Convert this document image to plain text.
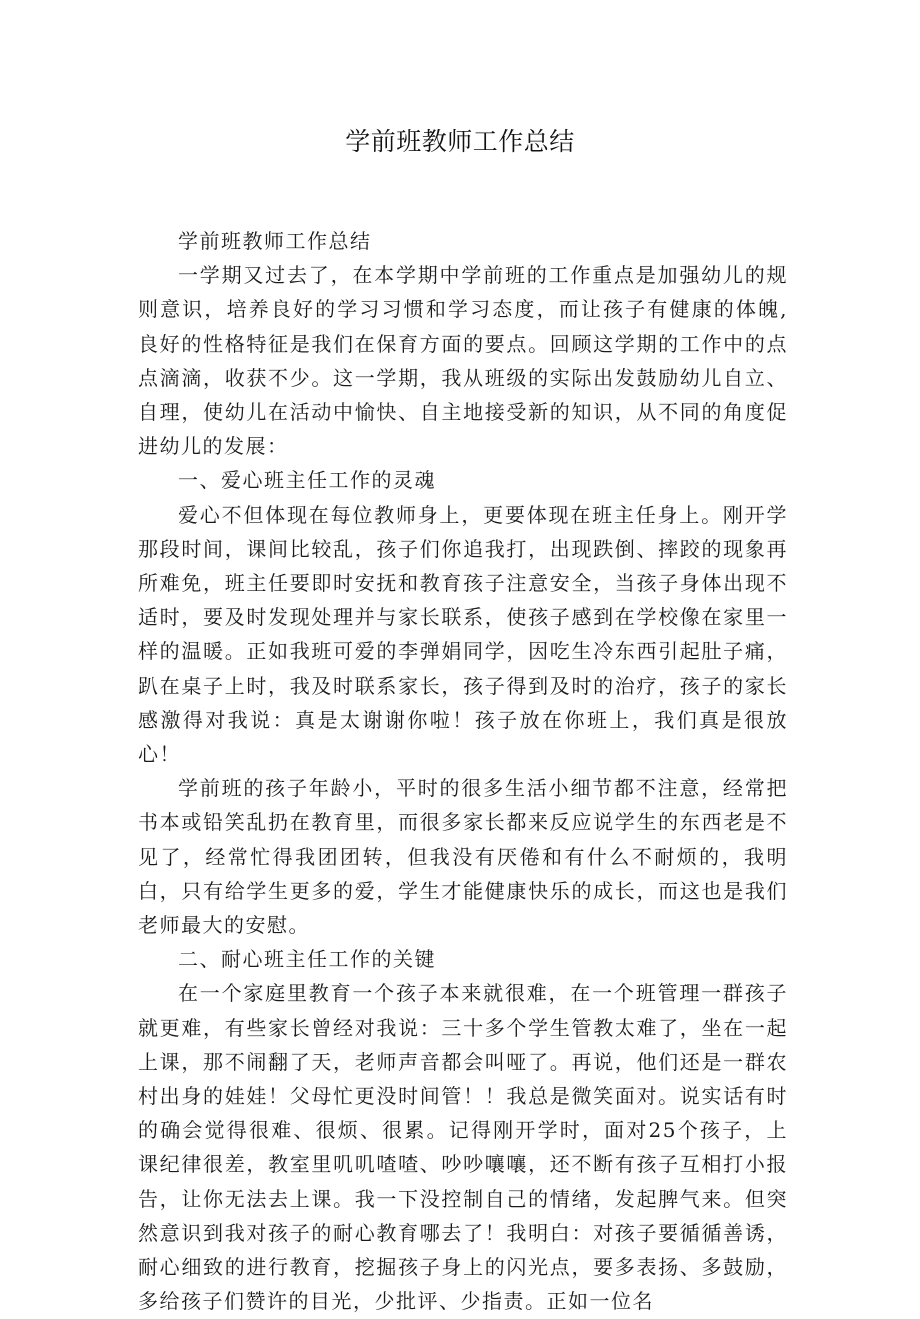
学前班教师工作总结

学前班教师工作总结

一学期又过去了，在本学期中学前班的工作重点是加强幼儿的规则意识，培养良好的学习习惯和学习态度，而让孩子有健康的体魄,良好的性格特征是我们在保育方面的要点。回顾这学期的工作中的点点滴滴，收获不少。这一学期，我从班级的实际出发鼓励幼儿自立、自理，使幼儿在活动中愉快、自主地接受新的知识，从不同的角度促进幼儿的发展：

一、爱心班主任工作的灵魂

爱心不但体现在每位教师身上，更要体现在班主任身上。刚开学那段时间，课间比较乱，孩子们你追我打，出现跌倒、摔跤的现象再所难免，班主任要即时安抚和教育孩子注意安全，当孩子身体出现不适时，要及时发现处理并与家长联系，使孩子感到在学校像在家里一样的温暖。正如我班可爱的李弹娟同学，因吃生冷东西引起肚子痛，趴在桌子上时，我及时联系家长，孩子得到及时的治疗，孩子的家长感激得对我说：真是太谢谢你啦！孩子放在你班上，我们真是很放心！

学前班的孩子年龄小，平时的很多生活小细节都不注意，经常把书本或铅笑乱扔在教育里，而很多家长都来反应说学生的东西老是不见了，经常忙得我团团转，但我没有厌倦和有什么不耐烦的，我明白，只有给学生更多的爱，学生才能健康快乐的成长，而这也是我们老师最大的安慰。

二、耐心班主任工作的关键

在一个家庭里教育一个孩子本来就很难，在一个班管理一群孩子就更难，有些家长曾经对我说：三十多个学生管教太难了，坐在一起上课，那不闹翻了天，老师声音都会叫哑了。再说，他们还是一群农村出身的娃娃！父母忙更没时间管！！我总是微笑面对。说实话有时的确会觉得很难、很烦、很累。记得刚开学时，面对25个孩子，上课纪律很差，教室里叽叽喳喳、吵吵嚷嚷，还不断有孩子互相打小报告，让你无法去上课。我一下没控制自己的情绪，发起脾气来。但突然意识到我对孩子的耐心教育哪去了！我明白：对孩子要循循善诱，耐心细致的进行教育，挖掘孩子身上的闪光点，要多表扬、多鼓励，多给孩子们赞许的目光，少批评、少指责。正如一位名
